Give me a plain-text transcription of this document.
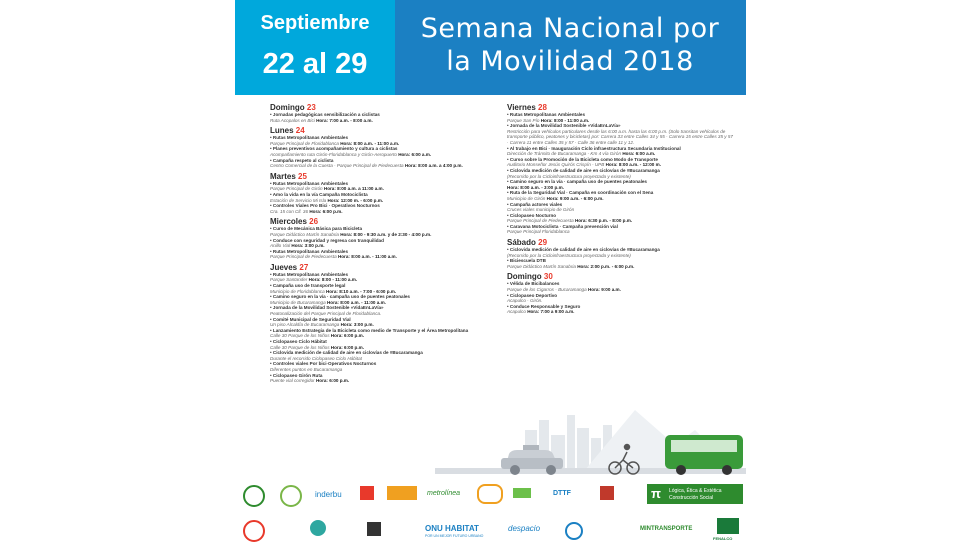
Septiembre
22 al 29
Semana Nacional por
la Movilidad 2018
Domingo 23
• Jornadas pedagógicas sensibilización a ciclistas
Ruta Acopalos en Bici Hora: 7:00 a.m. - 8:00 a.m.
Lunes 24
• Rutas Metropolitanas Ambientales
Parque Principal de Floridablanca Hora: 8:00 a.m. - 11:00 a.m.
• Planes preventivos acompañamiento y cultura a ciclistas
Acompañamiento ruta Girón-Floridablanca y Girón-Aeropuerto Hora: 6:00 a.m.
• Campaña respeto al ciclista
Centro Comercial de la Cuesta · Parque Principal de Piedecuesta Hora: 8:00 a.m. a 4:00 p.m.
Martes 25
• Rutas Metropolitanas Ambientales
Parque Principal de Girón Hora: 8:00 a.m. a 11:00 a.m.
• Amo la vida en la vía Campaña Motociclista
Estación de Servicio Mi Isla Hora: 12:00 m. - 6:00 p.m.
• Controles Viales Pro Bici · Operativos Nocturnos
Cra. 15 con Cll. 36 Hora: 6:00 p.m.
Miercoles 26
• Curso de Mecánica Básica para Bicicleta
Parque Didáctico Martín Sanabria Hora: 8:00 - 9:30 a.m. y de 2:30 - 4:00 p.m.
• Conduce con seguridad y regresa con tranquilidad
Anillo Vial Hora: 3:00 p.m.
• Rutas Metropolitanas Ambientales
Parque Principal de Piedecuesta Hora: 8:00 a.m. - 11:00 a.m.
Jueves 27
• Rutas Metropolitanas Ambientales
Parque Santander Hora: 8:00 - 11:00 a.m.
• Campaña uso de transporte legal
Municipio de Floridablanca Hora: 8:10 a.m. - 7:00 - 6:00 p.m.
• Camino seguro en la vía · campaña uso de puentes peatonales
Municipio de Bucaramanga Hora: 8:00 a.m. - 11:00 a.m.
• Jornada de la Movilidad Sostenible «VidaEnLaVía»
Peatonalización del Parque Principal de Floridablanca.
• Comité Municipal de Seguridad Vial
Un piso Alcaldía de Bucaramanga Hora: 3:00 p.m.
• Lanzamiento Estrategia de la Bicicleta como medio de Transporte y el Área Metropolitana
Calle 30 Parque de los Niños Hora: 6:00 p.m.
• Ciclopaseo Ciclo Hábitat
Calle 30 Parque de los Niños Hora: 6:00 p.m.
• Ciclovida medición de calidad de aire en ciclovías de #Bucaramanga
Durante el recorrido Ciclopaseo Ciclo Hábitat
• Controles viales Por bici·Operativos Nocturnos
Diferentes puntos en Bucaramanga
• Ciclopaseo Girón Ruta
Puente vial corregidor Hora: 6:00 p.m.
Viernes 28
• Rutas Metropolitanas Ambientales
Parque San Pío Hora: 8:00 - 11:00 a.m.
• Jornada de la Movilidad Sostenible «VidaEnLaVía»
Restricción para vehículos particulares desde las 6:00 a.m. hasta las 6:00 p.m. (Solo transitan vehículos de transporte público, peatones y bicicletas) por: Carrera 33 entre Calles 34 y 55 · Carrera 15 entre Calles 35 y 57 · Carrera 11 entre Calles 35 y 57 · Calle 36 entre calle 11 y 12.
• Al trabajo en Bici · Inauguración Ciclo infraestructura Secundaria Institucional
Dirección de Tránsito de Bucaramanga - Km 4 vía Girón Hora: 6:00 a.m.
• Curso sobre la Promoción de la Bicicleta como Modo de Transporte
Auditorio Monseñor Jesús Quirós Crispín - UPB Hora: 8:00 a.m. - 12:00 m.
• Ciclovida medición de calidad de aire en ciclovías de #Bucaramanga
(Recorrido por la Cicloinfraestructura proyectada y existente)
• Camino seguro en la vía · campaña uso de puentes peatonales
Hora: 8:00 a.m. - 3:00 p.m.
• Ruta de la Seguridad Vial · Campaña en coordinación con el Sena
Municipio de Girón Hora: 9:00 a.m. - 6:00 p.m.
• Campaña actores viales
Cruces viales municipio de Girón
• Ciclopaseo Nocturno
Parque Principal de Piedecuesta Hora: 6:30 p.m. - 8:00 p.m.
• Caravana Motociclista · Campaña prevención vial
Parque Principal Floridablanca
Sábado 29
• Ciclovida medición de calidad de aire en ciclovías de #Bucaramanga
(Recorrido por la Cicloinfraestructura proyectada y existente)
• Biciescuela DTB
Parque Didáctico Martín Sanabria Hora: 2:00 p.m. - 6:00 p.m.
Domingo 30
• Vélida de Bicibalances
Parque de los Cigarros · Bucaramanga Hora: 9:00 a.m.
• Ciclopaseo Deportivo
Acapulco · Girón.
• Conduce Responsable y Seguro
Acapulco Hora: 7:00 a 9:00 a.m.
inderbu	metrolínea	DTTF	π Lógica, Ética & Estética
Construcción Social
ONU HABITAT
POR UN MEJOR FUTURO URBANO
despacio	MINTRANSPORTE
FENALCO
